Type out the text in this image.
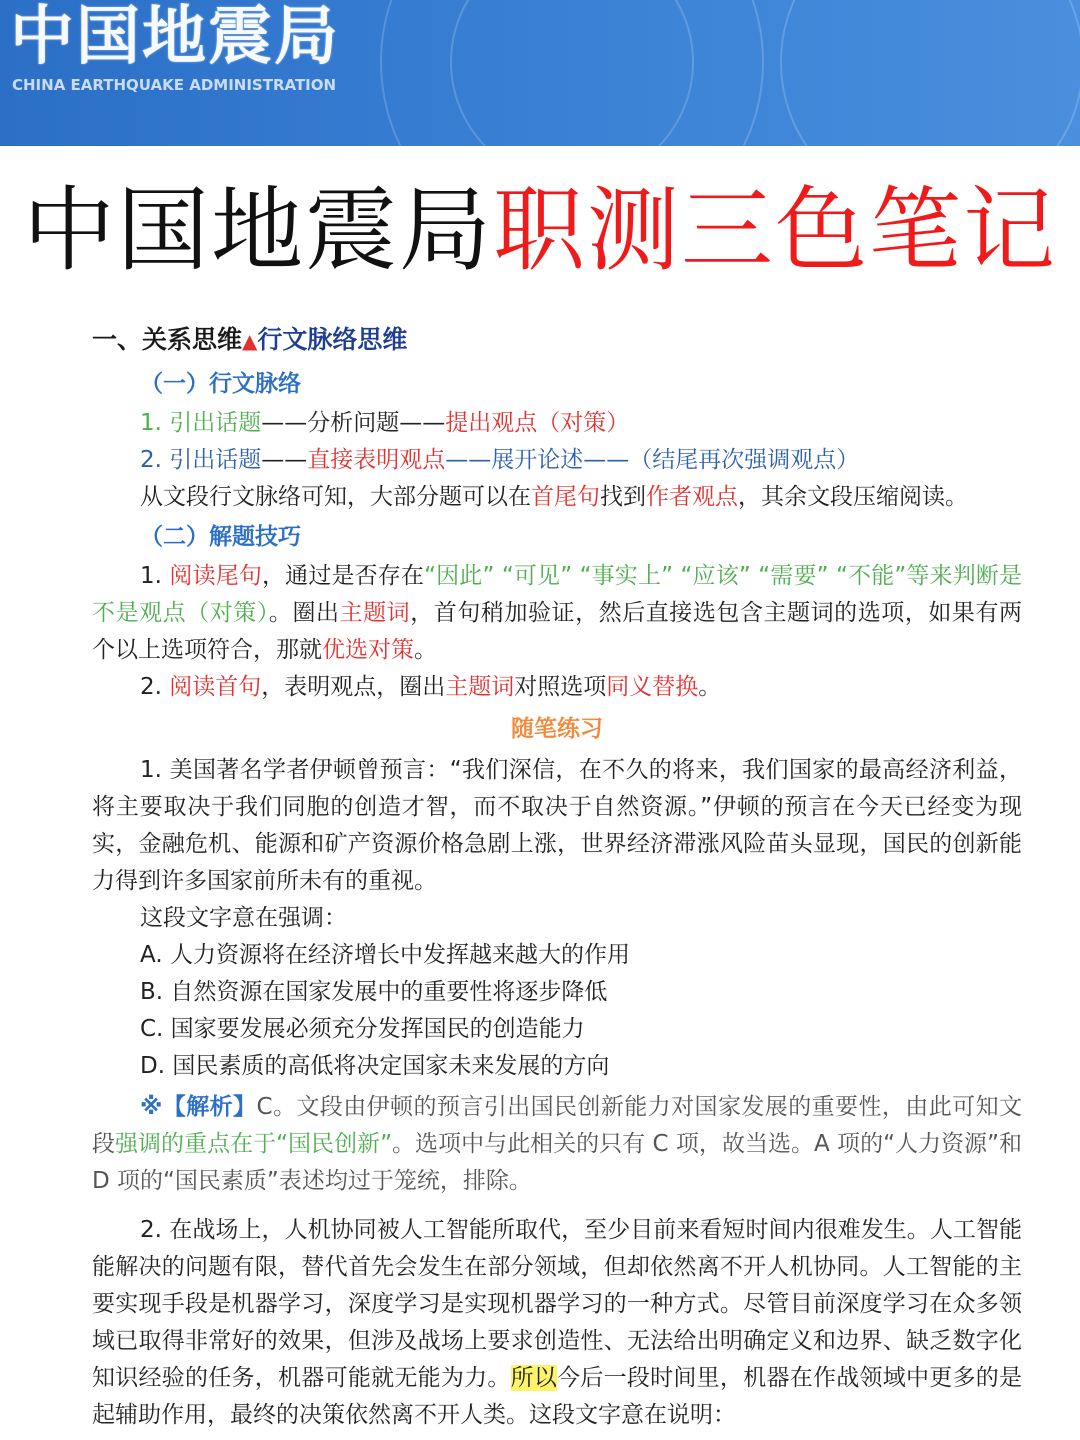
中国地震局
CHINA EARTHQUAKE ADMINISTRATION
中国地震局职测三色笔记
一、关系思维▲行文脉络思维
（一）行文脉络
1. 引出话题——分析问题——提出观点（对策）
2. 引出话题——直接表明观点——展开论述——（结尾再次强调观点）
从文段行文脉络可知，大部分题可以在首尾句找到作者观点，其余文段压缩阅读。
（二）解题技巧
1. 阅读尾句，通过是否存在“因此” “可见” “事实上” “应该” “需要” “不能”等来判断是不是观点（对策）。圈出主题词，首句稍加验证，然后直接选包含主题词的选项，如果有两个以上选项符合，那就优选对策。
2. 阅读首句，表明观点，圈出主题词对照选项同义替换。
随笔练习
1. 美国著名学者伊顿曾预言：“我们深信，在不久的将来，我们国家的最高经济利益，将主要取决于我们同胞的创造才智，而不取决于自然资源。”伊顿的预言在今天已经变为现实，金融危机、能源和矿产资源价格急剧上涨，世界经济滞涨风险苗头显现，国民的创新能力得到许多国家前所未有的重视。
这段文字意在强调：
A. 人力资源将在经济增长中发挥越来越大的作用
B. 自然资源在国家发展中的重要性将逐步降低
C. 国家要发展必须充分发挥国民的创造能力
D. 国民素质的高低将决定国家未来发展的方向
※【解析】C。文段由伊顿的预言引出国民创新能力对国家发展的重要性，由此可知文段强调的重点在于“国民创新”。选项中与此相关的只有 C 项，故当选。A 项的“人力资源”和 D 项的“国民素质”表述均过于笼统，排除。
2. 在战场上，人机协同被人工智能所取代，至少目前来看短时间内很难发生。人工智能能解决的问题有限，替代首先会发生在部分领域，但却依然离不开人机协同。人工智能的主要实现手段是机器学习，深度学习是实现机器学习的一种方式。尽管目前深度学习在众多领域已取得非常好的效果，但涉及战场上要求创造性、无法给出明确定义和边界、缺乏数字化知识经验的任务，机器可能就无能为力。所以今后一段时间里，机器在作战领域中更多的是起辅助作用，最终的决策依然离不开人类。这段文字意在说明：
